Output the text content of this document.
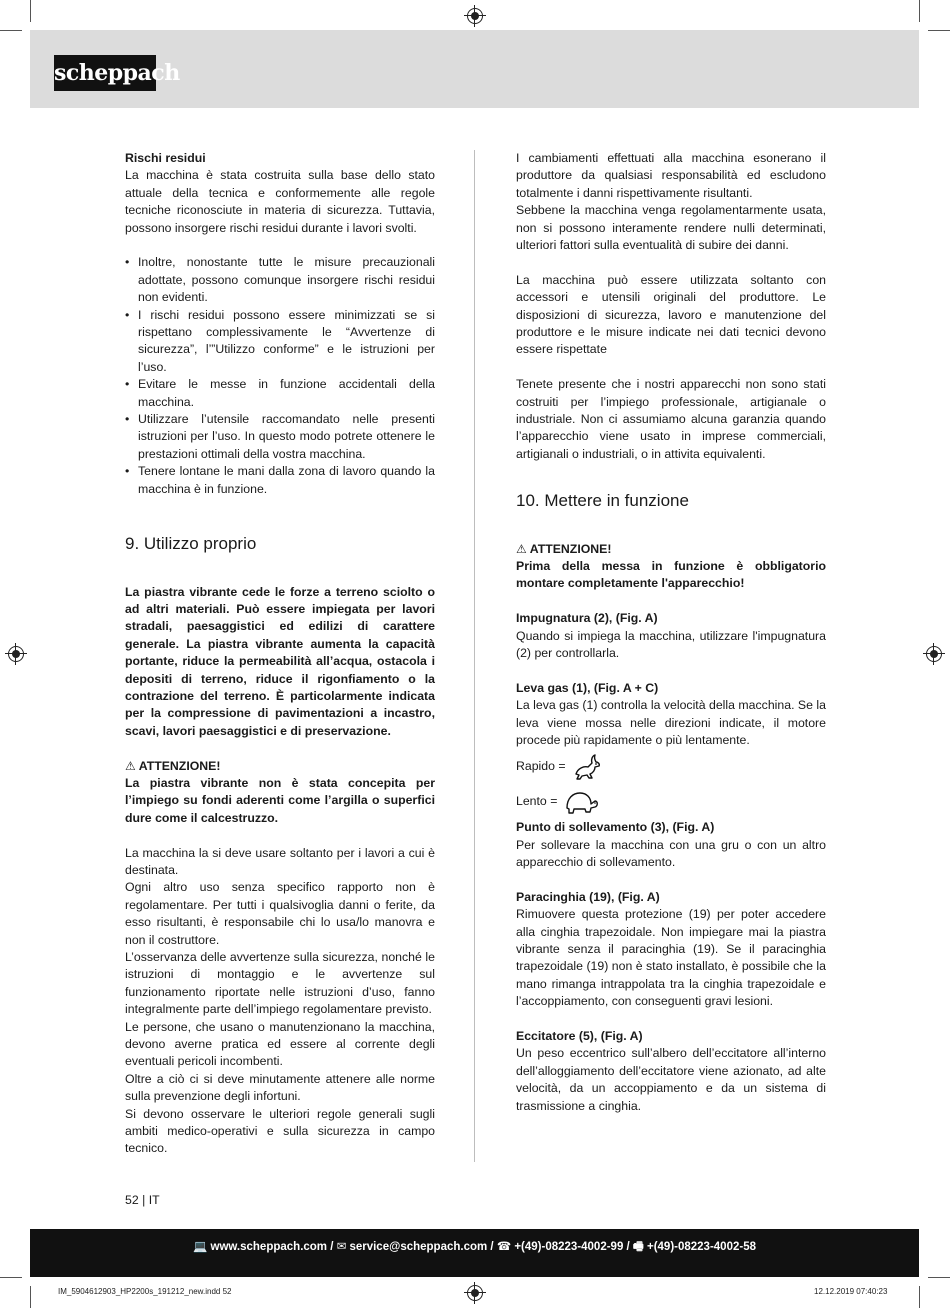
scheppach

Rischi residui

La macchina è stata costruita sulla base dello stato attuale della tecnica e conformemente alle regole tecniche riconosciute in materia di sicurezza. Tuttavia, possono insorgere rischi residui durante i lavori svolti.

• Inoltre, nonostante tutte le misure precauzionali adottate, possono comunque insorgere rischi residui non evidenti.
• I rischi residui possono essere minimizzati se si rispettano complessivamente le “Avvertenze di sicurezza”, l’”Utilizzo conforme” e le istruzioni per l’uso.
• Evitare le messe in funzione accidentali della macchina.
• Utilizzare l’utensile raccomandato nelle presenti istruzioni per l’uso. In questo modo potrete ottenere le prestazioni ottimali della vostra macchina.
• Tenere lontane le mani dalla zona di lavoro quando la macchina è in funzione.
9. Utilizzo proprio

La piastra vibrante cede le forze a terreno sciolto o ad altri materiali. Può essere impiegata per lavori stradali, paesaggistici ed edilizi di carattere generale. La piastra vibrante aumenta la capacità portante, riduce la permeabilità all’acqua, ostacola i depositi di terreno, riduce il rigonfiamento o la contrazione del terreno. È particolarmente indicata per la compressione di pavimentazioni a incastro, scavi, lavori paesaggistici e di preservazione.

⚠ ATTENZIONE!

La piastra vibrante non è stata concepita per l’impiego su fondi aderenti come l’argilla o superfici dure come il calcestruzzo.

La macchina la si deve usare soltanto per i lavori a cui è destinata.

Ogni altro uso senza specifico rapporto non è regolamentare. Per tutti i qualsivoglia danni o ferite, da esso risultanti, è responsabile chi lo usa/lo manovra e non il costruttore.

L’osservanza delle avvertenze sulla sicurezza, nonché le istruzioni di montaggio e le avvertenze sul funzionamento riportate nelle istruzioni d’uso, fanno integralmente parte dell’impiego regolamentare previsto.

Le persone, che usano o manutenzionano la macchina, devono averne pratica ed essere al corrente degli eventuali pericoli incombenti.

Oltre a ciò ci si deve minutamente attenere alle norme sulla prevenzione degli infortuni.

Si devono osservare le ulteriori regole generali sugli ambiti medico-operativi e sulla sicurezza in campo tecnico.

I cambiamenti effettuati alla macchina esonerano il produttore da qualsiasi responsabilità ed escludono totalmente i danni rispettivamente risultanti.

Sebbene la macchina venga regolamentarmente usata, non si possono interamente rendere nulli determinati, ulteriori fattori sulla eventualità di subire dei danni.

La macchina può essere utilizzata soltanto con accessori e utensili originali del produttore. Le disposizioni di sicurezza, lavoro e manutenzione del produttore e le misure indicate nei dati tecnici devono essere rispettate

Tenete presente che i nostri apparecchi non sono stati costruiti per l’impiego professionale, artigianale o industriale. Non ci assumiamo alcuna garanzia quando l’apparecchio viene usato in imprese commerciali, artigianali o industriali, o in attivita equivalenti.

10. Mettere in funzione

⚠ ATTENZIONE!

Prima della messa in funzione è obbligatorio montare completamente l'apparecchio!

Impugnatura (2), (Fig. A)

Quando si impiega la macchina, utilizzare l'impugnatura (2) per controllarla.

Leva gas (1), (Fig. A + C)

La leva gas (1) controlla la velocità della macchina. Se la leva viene mossa nelle direzioni indicate, il motore procede più rapidamente o più lentamente.

Rapido =
Lento =

Punto di sollevamento (3), (Fig. A)

Per sollevare la macchina con una gru o con un altro apparecchio di sollevamento.

Paracinghia (19), (Fig. A)

Rimuovere questa protezione (19) per poter accedere alla cinghia trapezoidale. Non impiegare mai la piastra vibrante senza il paracinghia (19). Se il paracinghia trapezoidale (19) non è stato installato, è possibile che la mano rimanga intrappolata tra la cinghia trapezoidale e l’accoppiamento, con conseguenti gravi lesioni.

Eccitatore (5), (Fig. A)

Un peso eccentrico sull’albero dell’eccitatore all’interno dell’alloggiamento dell’eccitatore viene azionato, ad alte velocità, da un accoppiamento e da un sistema di trasmissione a cinghia.

52 | IT
💻 www.scheppach.com / ✉ service@scheppach.com / ☎ +(49)-08223-4002-99 / 🖷 +(49)-08223-4002-58
IM_5904612903_HP2200s_191212_new.indd 52	12.12.2019 07:40:23
